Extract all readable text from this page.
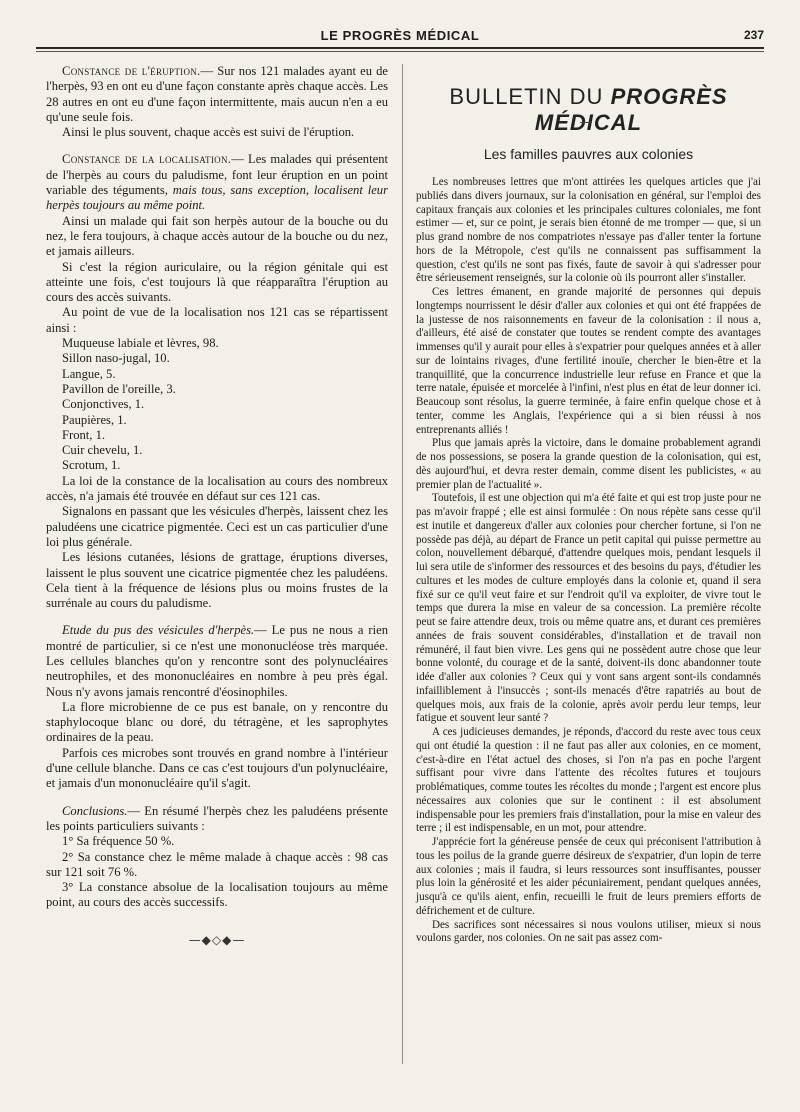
LE PROGRÈS MÉDICAL	237

Constance de l'éruption.— Sur nos 121 malades ayant eu de l'herpès, 93 en ont eu d'une façon constante après chaque accès. Les 28 autres en ont eu d'une façon intermittente, mais aucun n'en a eu qu'une seule fois.

Ainsi le plus souvent, chaque accès est suivi de l'éruption.

Constance de la localisation.— Les malades qui présentent de l'herpès au cours du paludisme, font leur éruption en un point variable des téguments, mais tous, sans exception, localisent leur herpès toujours au même point.

Ainsi un malade qui fait son herpès autour de la bouche ou du nez, le fera toujours, à chaque accès autour de la bouche ou du nez, et jamais ailleurs.

Si c'est la région auriculaire, ou la région génitale qui est atteinte une fois, c'est toujours là que réapparaîtra l'éruption au cours des accès suivants.

Au point de vue de la localisation nos 121 cas se répartissent ainsi :

Muqueuse labiale et lèvres, 98.

Sillon naso-jugal, 10.

Langue, 5.

Pavillon de l'oreille, 3.

Conjonctives, 1.

Paupières, 1.

Front, 1.

Cuir chevelu, 1.

Scrotum, 1.

La loi de la constance de la localisation au cours des nombreux accès, n'a jamais été trouvée en défaut sur ces 121 cas.

Signalons en passant que les vésicules d'herpès, laissent chez les paludéens une cicatrice pigmentée. Ceci est un cas particulier d'une loi plus générale.

Les lésions cutanées, lésions de grattage, éruptions diverses, laissent le plus souvent une cicatrice pigmentée chez les paludéens. Cela tient à la fréquence de lésions plus ou moins frustes de la surrénale au cours du paludisme.

Etude du pus des vésicules d'herpès.— Le pus ne nous a rien montré de particulier, si ce n'est une mononucléose très marquée. Les cellules blanches qu'on y rencontre sont des polynucléaires neutrophiles, et des mononucléaires en nombre à peu près égal. Nous n'y avons jamais rencontré d'éosinophiles.

La flore microbienne de ce pus est banale, on y rencontre du staphylocoque blanc ou doré, du tétragène, et les saprophytes ordinaires de la peau.

Parfois ces microbes sont trouvés en grand nombre à l'intérieur d'une cellule blanche. Dans ce cas c'est toujours d'un polynucléaire, et jamais d'un mononucléaire qu'il s'agit.

Conclusions.— En résumé l'herpès chez les paludéens présente les points particuliers suivants :

1° Sa fréquence 50 %.

2° Sa constance chez le même malade à chaque accès : 98 cas sur 121 soit 76 %.

3° La constance absolue de la localisation toujours au même point, au cours des accès successifs.

—◆◇◆—
BULLETIN DU PROGRÈS MÉDICAL
Les familles pauvres aux colonies

Les nombreuses lettres que m'ont attirées les quelques articles que j'ai publiés dans divers journaux, sur la colonisation en général, sur l'emploi des capitaux français aux colonies et les principales cultures coloniales, me font estimer — et, sur ce point, je serais bien étonné de me tromper — que, si un plus grand nombre de nos compatriotes n'essaye pas d'aller tenter la fortune hors de la Métropole, c'est qu'ils ne connaissent pas suffisamment la question, c'est qu'ils ne sont pas fixés, faute de savoir à qui s'adresser pour être sérieusement renseignés, sur la colonie où ils pourront aller s'installer.

Ces lettres émanent, en grande majorité de personnes qui depuis longtemps nourrissent le désir d'aller aux colonies et qui ont été frappées de la justesse de nos raisonnements en faveur de la colonisation : il nous a, d'ailleurs, été aisé de constater que toutes se rendent compte des avantages immenses qu'il y aurait pour elles à s'expatrier pour quelques années et à aller sur de lointains rivages, d'une fertilité inouïe, chercher le bien-être et la tranquillité, que la concurrence industrielle leur refuse en France et que la terre natale, épuisée et morcelée à l'infini, n'est plus en état de leur donner ici. Beaucoup sont résolus, la guerre terminée, à faire enfin quelque chose et à tenter, comme les Anglais, l'expérience qui a si bien réussi à nos entreprenants alliés !

Plus que jamais après la victoire, dans le domaine probablement agrandi de nos possessions, se posera la grande question de la colonisation, qui est, dès aujourd'hui, et devra rester demain, comme disent les publicistes, « au premier plan de l'actualité ».

Toutefois, il est une objection qui m'a été faite et qui est trop juste pour ne pas m'avoir frappé ; elle est ainsi formulée : On nous répète sans cesse qu'il est inutile et dangereux d'aller aux colonies pour chercher fortune, si l'on ne possède pas déjà, au départ de France un petit capital qui puisse permettre au colon, nouvellement débarqué, d'attendre quelques mois, pendant lesquels il lui sera utile de s'informer des ressources et des besoins du pays, d'étudier les cultures et les modes de culture employés dans la colonie et, quand il sera fixé sur ce qu'il veut faire et sur l'endroit qu'il va exploiter, de vivre tout le temps que durera la mise en valeur de sa concession. La première récolte peut se faire attendre deux, trois ou même quatre ans, et durant ces premières années de frais souvent considérables, d'installation et de travail non rémunéré, il faut bien vivre. Les gens qui ne possèdent autre chose que leur bonne volonté, du courage et de la santé, doivent-ils donc abandonner toute idée d'aller aux colonies ? Ceux qui y vont sans argent sont-ils condamnés infailliblement à l'insuccès ; sont-ils menacés d'être rapatriés au bout de quelques mois, aux frais de la colonie, après avoir perdu leur temps, leur fatigue et souvent leur santé ?

A ces judicieuses demandes, je réponds, d'accord du reste avec tous ceux qui ont étudié la question : il ne faut pas aller aux colonies, en ce moment, c'est-à-dire en l'état actuel des choses, si l'on n'a pas en poche l'argent suffisant pour vivre dans l'attente des récoltes futures et toujours problématiques, comme toutes les récoltes du monde ; l'argent est encore plus nécessaires aux colonies que sur le continent : il est absolument indispensable pour les premiers frais d'installation, pour la mise en valeur des terre ; il est indispensable, en un mot, pour attendre.

J'apprécie fort la généreuse pensée de ceux qui préconisent l'attribution à tous les poilus de la grande guerre désireux de s'expatrier, d'un lopin de terre aux colonies ; mais il faudra, si leurs ressources sont insuffisantes, pousser plus loin la générosité et les aider pécuniairement, pendant quelques années, jusqu'à ce qu'ils aient, enfin, recueilli le fruit de leurs premiers efforts de défrichement et de culture.

Des sacrifices sont nécessaires si nous voulons utiliser, mieux si nous voulons garder, nos colonies. On ne sait pas assez com-
